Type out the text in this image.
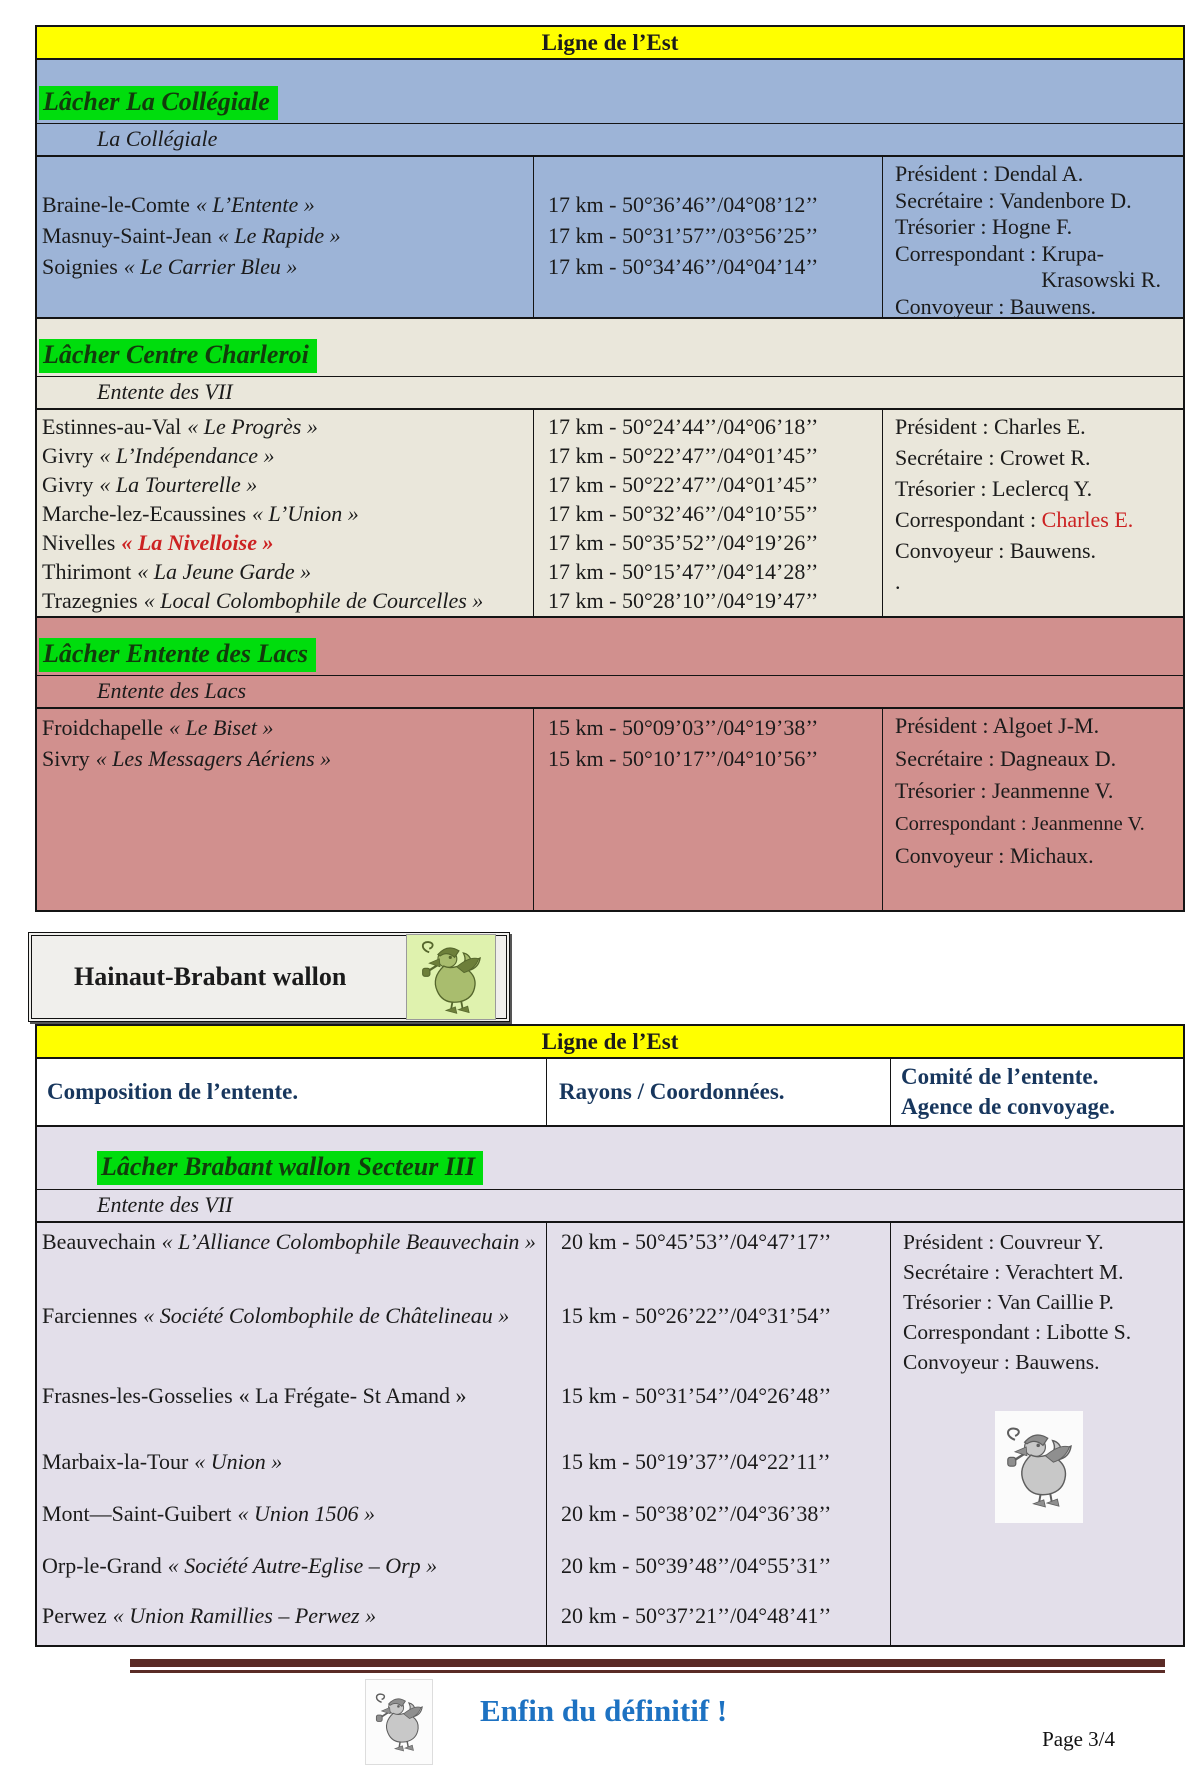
Ligne de l’Est
Lâcher La Collégiale
La Collégiale
Braine-le-Comte « L’Entente »
Masnuy-Saint-Jean « Le Rapide »
Soignies « Le Carrier Bleu »
17 km - 50°36’46’’/04°08’12’’
17 km - 50°31’57’’/03°56’25’’
17 km - 50°34’46’’/04°04’14’’
Président : Dendal A.
Secrétaire : Vandenbore D.
Trésorier : Hogne F.
Correspondant : Krupa-
Krasowski R.
Convoyeur : Bauwens.
Lâcher Centre Charleroi
Entente des VII
Estinnes-au-Val « Le Progrès »
Givry « L’Indépendance »
Givry « La Tourterelle »
Marche-lez-Ecaussines « L’Union »
Nivelles « La Nivelloise »
Thirimont « La Jeune Garde »
Trazegnies « Local Colombophile de Courcelles »
17 km - 50°24’44’’/04°06’18’’
17 km - 50°22’47’’/04°01’45’’
17 km - 50°22’47’’/04°01’45’’
17 km - 50°32’46’’/04°10’55’’
17 km - 50°35’52’’/04°19’26’’
17 km - 50°15’47’’/04°14’28’’
17 km - 50°28’10’’/04°19’47’’
Président : Charles E.
Secrétaire : Crowet R.
Trésorier : Leclercq Y.
Correspondant : Charles E.
Convoyeur : Bauwens.
.
Lâcher Entente des Lacs
Entente des Lacs
Froidchapelle « Le Biset »
Sivry « Les Messagers Aériens »
15 km - 50°09’03’’/04°19’38’’
15 km - 50°10’17’’/04°10’56’’
Président : Algoet J-M.
Secrétaire : Dagneaux D.
Trésorier : Jeanmenne V.
Correspondant : Jeanmenne V.
Convoyeur : Michaux.
Hainaut-Brabant wallon
Ligne de l’Est
Composition de l’entente.	Rayons / Coordonnées.
Comité de l’entente.
Agence de convoyage.
Lâcher Brabant wallon Secteur III
Entente des VII
Beauvechain « L’Alliance Colombophile Beauvechain »
Farciennes « Société Colombophile de Châtelineau »
Frasnes-les-Gosselies « La Frégate- St Amand »
Marbaix-la-Tour « Union »
Mont—Saint-Guibert « Union 1506 »
Orp-le-Grand « Société Autre-Eglise – Orp »
Perwez « Union Ramillies – Perwez »
20 km - 50°45’53’’/04°47’17’’
15 km - 50°26’22’’/04°31’54’’
15 km - 50°31’54’’/04°26’48’’
15 km - 50°19’37’’/04°22’11’’
20 km - 50°38’02’’/04°36’38’’
20 km - 50°39’48’’/04°55’31’’
20 km - 50°37’21’’/04°48’41’’
Président : Couvreur Y.
Secrétaire : Verachtert M.
Trésorier : Van Caillie P.
Correspondant : Libotte S.
Convoyeur : Bauwens.
Enfin du définitif !
Page 3/4
